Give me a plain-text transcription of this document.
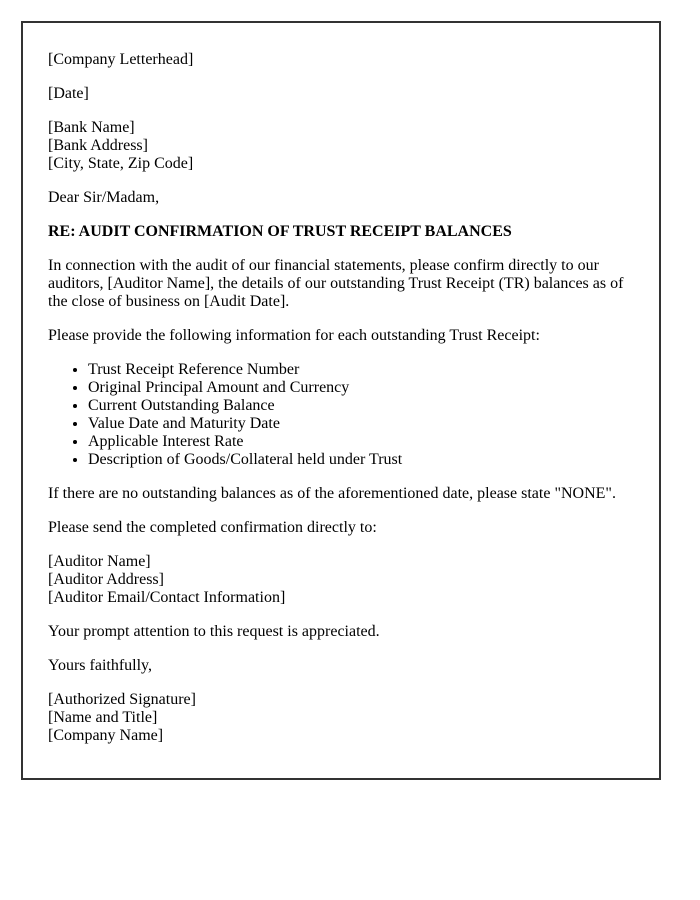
[Company Letterhead]

[Date]

[Bank Name]
[Bank Address]
[City, State, Zip Code]

Dear Sir/Madam,

RE: AUDIT CONFIRMATION OF TRUST RECEIPT BALANCES

In connection with the audit of our financial statements, please confirm directly to our auditors, [Auditor Name], the details of our outstanding Trust Receipt (TR) balances as of the close of business on [Audit Date].

Please provide the following information for each outstanding Trust Receipt:

• Trust Receipt Reference Number
• Original Principal Amount and Currency
• Current Outstanding Balance
• Value Date and Maturity Date
• Applicable Interest Rate
• Description of Goods/Collateral held under Trust

If there are no outstanding balances as of the aforementioned date, please state "NONE".

Please send the completed confirmation directly to:

[Auditor Name]
[Auditor Address]
[Auditor Email/Contact Information]

Your prompt attention to this request is appreciated.

Yours faithfully,

[Authorized Signature]
[Name and Title]
[Company Name]
